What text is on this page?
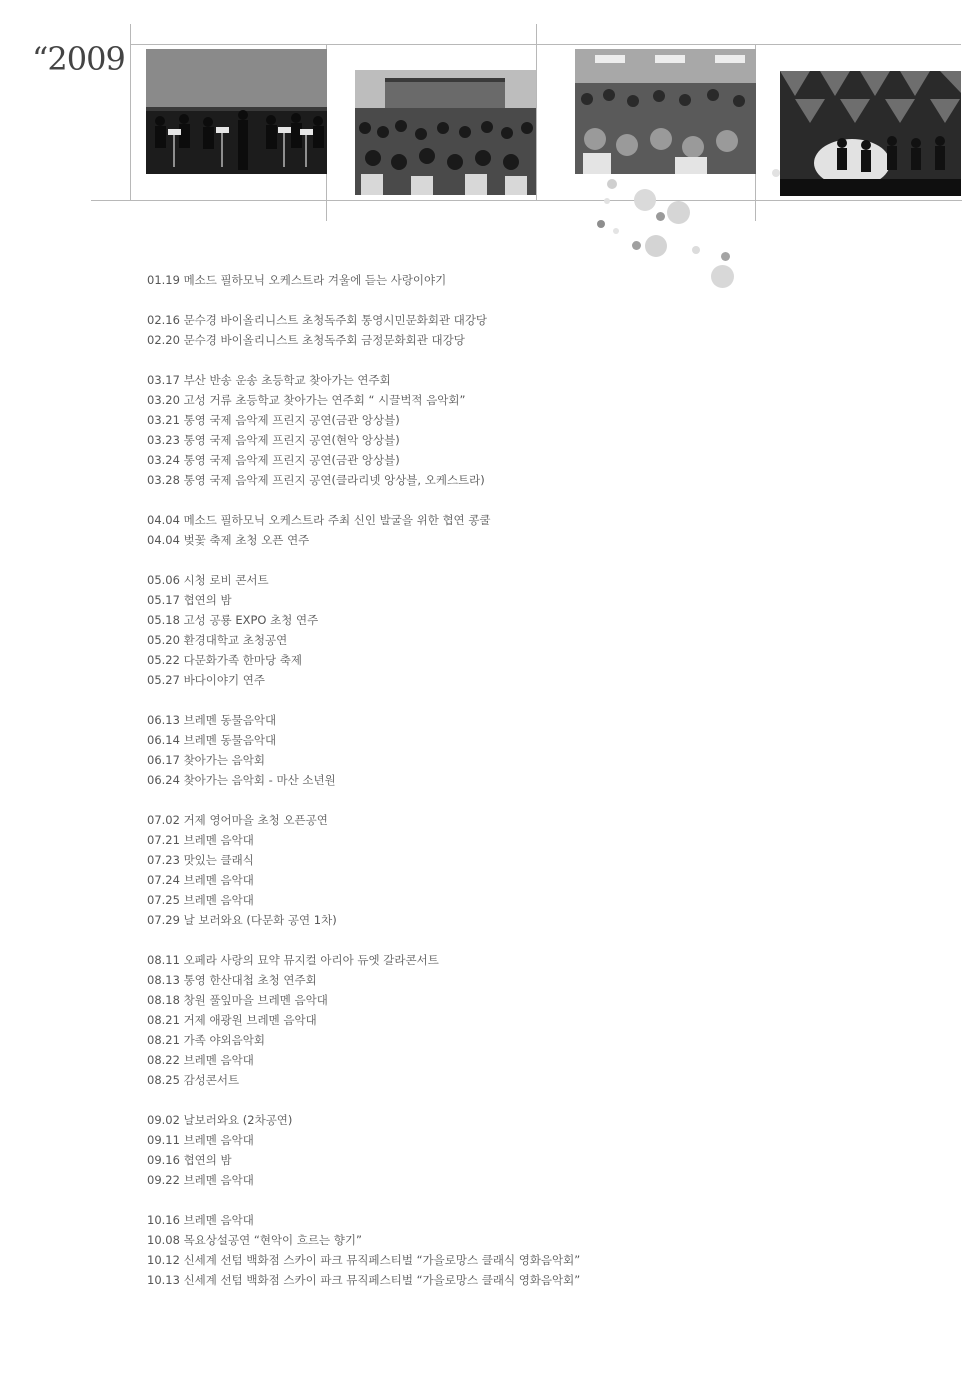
“2009
01.19 메소드 필하모닉 오케스트라 겨울에 듣는 사랑이야기
02.16 문수경 바이올리니스트 초청독주회 통영시민문화회관 대강당
02.20 문수경 바이올리니스트 초청독주회 금정문화회관 대강당
03.17 부산 반송 운송 초등학교 찾아가는 연주회
03.20 고성 거류 초등학교 찾아가는 연주회 “ 시끌벅적 음악회”
03.21 통영 국제 음악제 프린지 공연(금관 앙상블)
03.23 통영 국제 음악제 프린지 공연(현악 앙상블)
03.24 통영 국제 음악제 프린지 공연(금관 앙상블)
03.28 통영 국제 음악제 프린지 공연(클라리넷 앙상블, 오케스트라)
04.04 메소드 필하모닉 오케스트라 주최 신인 발굴을 위한 협연 콩쿨
04.04 벚꽃 축제 초청 오픈 연주
05.06 시청 로비 콘서트
05.17 협연의 밤
05.18 고성 공룡 EXPO 초청 연주
05.20 환경대학교 초청공연
05.22 다문화가족 한마당 축제
05.27 바다이야기 연주
06.13 브레멘 동물음악대
06.14 브레멘 동물음악대
06.17 찾아가는 음악회
06.24 찾아가는 음악회 - 마산 소년원
07.02 거제 영어마을 초청 오픈공연
07.21 브레멘 음악대
07.23 맛있는 클래식
07.24 브레멘 음악대
07.25 브레멘 음악대
07.29 날 보러와요 (다문화 공연 1차)
08.11 오페라 사랑의 묘약 뮤지컬 아리아 듀엣 갈라콘서트
08.13 통영 한산대첩 초청 연주회
08.18 창원 풀잎마을 브레멘 음악대
08.21 거제 애광원 브레멘 음악대
08.21 가족 야외음악회
08.22 브레멘 음악대
08.25 감성콘서트
09.02 날보러와요 (2차공연)
09.11 브레멘 음악대
09.16 협연의 밤
09.22 브레멘 음악대
10.16 브레멘 음악대
10.08 목요상설공연 “현악이 흐르는 향기”
10.12 신세계 선텀 백화점 스카이 파크 뮤직페스티벌 “가을로망스 클래식 영화음악회”
10.13 신세계 선텀 백화점 스카이 파크 뮤직페스티벌 “가을로망스 클래식 영화음악회”
